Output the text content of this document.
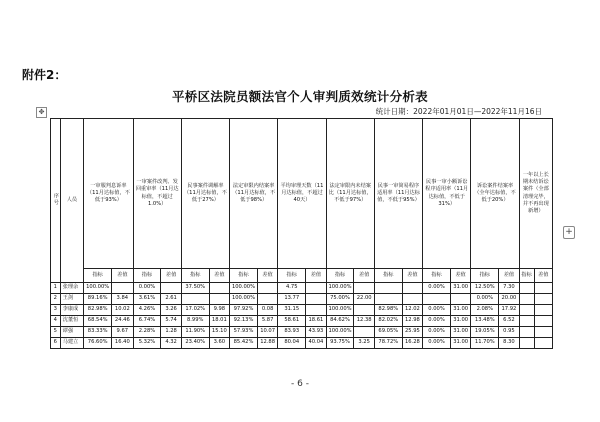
附件2：
平桥区法院员额法官个人审判质效统计分析表
✥	统计日期：2022年01月01日—2022年11月16日
序号	人员	一审服判息诉率（11月达标值，不低于93%）		一审案件改判、发回重审率（11月达标值，不超过1.0%）		民事案件调解率（11月达标值，不低于27%）		法定审限内结案率（11月达标值，不低于98%）		平均审理天数（11月达标值，不超过40天）		法定审限内未结案比（11月达标值，不低于97%）		民事一审简易程序适用率（11月达标值，不低于95%）		民事一审小额诉讼程序适用率（11月达标值，不低于31%）		诉讼案件结案率（全年达标值，不低于20%）		一年以上长期未结诉讼案件（全部清理完毕，并不再出现新增）	

		指标	差值	指标	差值	指标	差值	指标	差值	指标	差值	指标	差值	指标	差值	指标	差值	指标	差值	指标	差值
1	张理余	100.00%		0.00%		37.50%		100.00%		4.75		100.00%				0.00%	31.00	12.50%	7.30		
2	王剑	89.16%	3.84	3.61%	2.61			100.00%		13.77		75.00%	22.00					0.00%	20.00		
3	李康成	82.98%	10.02	4.26%	3.26	17.02%	9.98	97.92%	0.08	31.15		100.00%		82.98%	12.02	0.00%	31.00	2.08%	17.92		
4	沈董恒	68.54%	24.46	6.74%	5.74	8.99%	18.01	92.13%	5.87	58.61	18.61	84.62%	12.38	82.02%	12.98	0.00%	31.00	13.48%	6.52		
5	谭强	83.33%	9.67	2.28%	1.28	11.90%	15.10	57.93%	10.07	83.93	43.93	100.00%		69.05%	25.95	0.00%	31.00	19.05%	0.95		
6	马建立	76.60%	16.40	5.32%	4.32	23.40%	3.60	85.42%	12.88	80.04	40.04	93.75%	3.25	78.72%	16.28	0.00%	31.00	11.70%	8.30		
+
- 6 -
